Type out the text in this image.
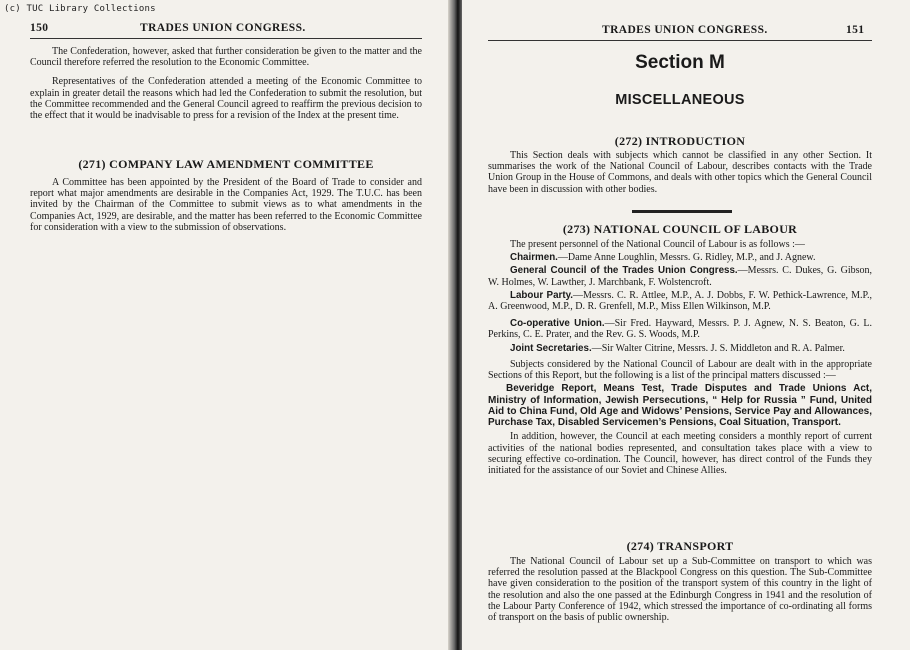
150	TRADES UNION CONGRESS.

The Confederation, however, asked that further consideration be given to the matter and the Council therefore referred the resolution to the Economic Committee.

Representatives of the Confederation attended a meeting of the Economic Committee to explain in greater detail the reasons which had led the Confederation to submit the resolution, but the Committee recommended and the General Council agreed to reaffirm the previous decision to the effect that it would be inadvisable to press for a revision of the Index at the present time.

(271) COMPANY LAW AMENDMENT COMMITTEE

A Committee has been appointed by the President of the Board of Trade to consider and report what major amendments are desirable in the Companies Act, 1929. The T.U.C. has been invited by the Chairman of the Committee to submit views as to what amendments in the Companies Act, 1929, are desirable, and the matter has been referred to the Economic Committee for consideration with a view to the submission of observations.

TRADES UNION CONGRESS.	151
Section M
MISCELLANEOUS
(272) INTRODUCTION

This Section deals with subjects which cannot be classified in any other Section. It summarises the work of the National Council of Labour, describes contacts with the Trade Union Group in the House of Commons, and deals with other topics which the General Council have been in discussion with other bodies.

(273) NATIONAL COUNCIL OF LABOUR

The present personnel of the National Council of Labour is as follows :—

Chairmen.—Dame Anne Loughlin, Messrs. G. Ridley, M.P., and J. Agnew.

General Council of the Trades Union Congress.—Messrs. C. Dukes, G. Gibson, W. Holmes, W. Lawther, J. Marchbank, F. Wolstencroft.

Labour Party.—Messrs. C. R. Attlee, M.P., A. J. Dobbs, F. W. Pethick-Lawrence, M.P., A. Greenwood, M.P., D. R. Grenfell, M.P., Miss Ellen Wilkinson, M.P.

Co-operative Union.—Sir Fred. Hayward, Messrs. P. J. Agnew, N. S. Beaton, G. L. Perkins, C. E. Prater, and the Rev. G. S. Woods, M.P.

Joint Secretaries.—Sir Walter Citrine, Messrs. J. S. Middleton and R. A. Palmer.

Subjects considered by the National Council of Labour are dealt with in the appropriate Sections of this Report, but the following is a list of the principal matters discussed :—

Beveridge Report, Means Test, Trade Disputes and Trade Unions Act, Ministry of Information, Jewish Persecutions, “ Help for Russia ” Fund, United Aid to China Fund, Old Age and Widows’ Pensions, Service Pay and Allowances, Purchase Tax, Disabled Servicemen’s Pensions, Coal Situation, Transport.

In addition, however, the Council at each meeting considers a monthly report of current activities of the national bodies represented, and consultation takes place with a view to securing effective co-ordination. The Council, however, has direct control of the Funds they initiated for the assistance of our Soviet and Chinese Allies.

(274) TRANSPORT

The National Council of Labour set up a Sub-Committee on transport to which was referred the resolution passed at the Blackpool Congress on this question. The Sub-Committee have given consideration to the position of the transport system of this country in the light of the resolution and also the one passed at the Edinburgh Congress in 1941 and the resolution of the Labour Party Conference of 1942, which stressed the importance of co-ordinating all forms of transport on the basis of public ownership.

(c) TUC Library Collections
